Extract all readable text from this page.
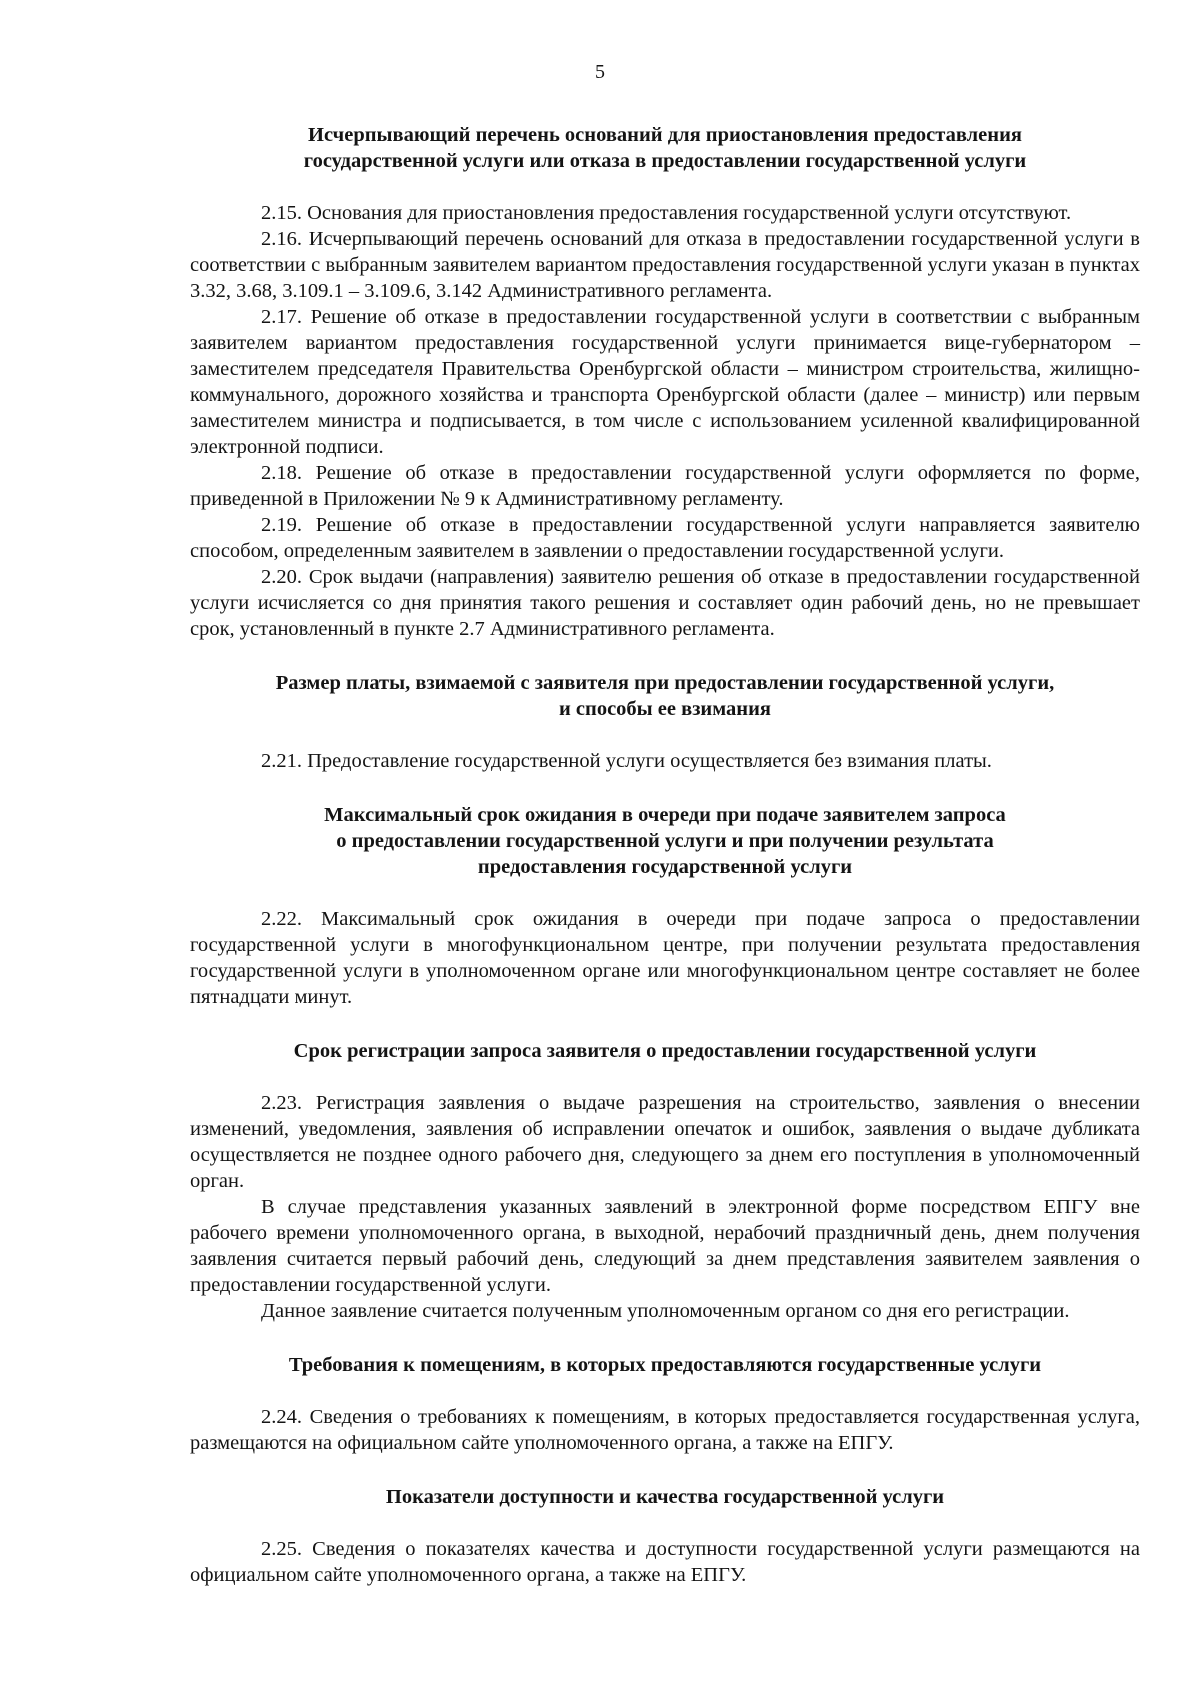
5
Исчерпывающий перечень оснований для приостановления предоставления
государственной услуги или отказа в предоставлении государственной услуги

2.15. Основания для приостановления предоставления государственной услуги отсутствуют.

2.16. Исчерпывающий перечень оснований для отказа в предоставлении государственной услуги в соответствии с выбранным заявителем вариантом предоставления государственной услуги указан в пунктах 3.32, 3.68, 3.109.1 – 3.109.6, 3.142 Административного регламента.

2.17. Решение об отказе в предоставлении государственной услуги в соответствии с выбранным заявителем вариантом предоставления государственной услуги принимается вице-губернатором – заместителем председателя Правительства Оренбургской области – министром строительства, жилищно-коммунального, дорожного хозяйства и транспорта Оренбургской области (далее – министр) или первым заместителем министра и подписывается, в том числе с использованием усиленной квалифицированной электронной подписи.

2.18. Решение об отказе в предоставлении государственной услуги оформляется по форме, приведенной в Приложении № 9 к Административному регламенту.

2.19. Решение об отказе в предоставлении государственной услуги направляется заявителю способом, определенным заявителем в заявлении о предоставлении государственной услуги.

2.20. Срок выдачи (направления) заявителю решения об отказе в предоставлении государственной услуги исчисляется со дня принятия такого решения и составляет один рабочий день, но не превышает срок, установленный в пункте 2.7 Административного регламента.

Размер платы, взимаемой с заявителя при предоставлении государственной услуги,
и способы ее взимания

2.21. Предоставление государственной услуги осуществляется без взимания платы.

Максимальный срок ожидания в очереди при подаче заявителем запроса
о предоставлении государственной услуги и при получении результата
предоставления государственной услуги

2.22. Максимальный срок ожидания в очереди при подаче запроса о предоставлении государственной услуги в многофункциональном центре, при получении результата предоставления государственной услуги в уполномоченном органе или многофункциональном центре составляет не более пятнадцати минут.

Срок регистрации запроса заявителя о предоставлении государственной услуги

2.23. Регистрация заявления о выдаче разрешения на строительство, заявления о внесении изменений, уведомления, заявления об исправлении опечаток и ошибок, заявления о выдаче дубликата осуществляется не позднее одного рабочего дня, следующего за днем его поступления в уполномоченный орган.

В случае представления указанных заявлений в электронной форме посредством ЕПГУ вне рабочего времени уполномоченного органа, в выходной, нерабочий праздничный день, днем получения заявления считается первый рабочий день, следующий за днем представления заявителем заявления о предоставлении государственной услуги.

Данное заявление считается полученным уполномоченным органом со дня его регистрации.

Требования к помещениям, в которых предоставляются государственные услуги

2.24. Сведения о требованиях к помещениям, в которых предоставляется государственная услуга, размещаются на официальном сайте уполномоченного органа, а также на ЕПГУ.

Показатели доступности и качества государственной услуги

2.25. Сведения о показателях качества и доступности государственной услуги размещаются на официальном сайте уполномоченного органа, а также на ЕПГУ.
